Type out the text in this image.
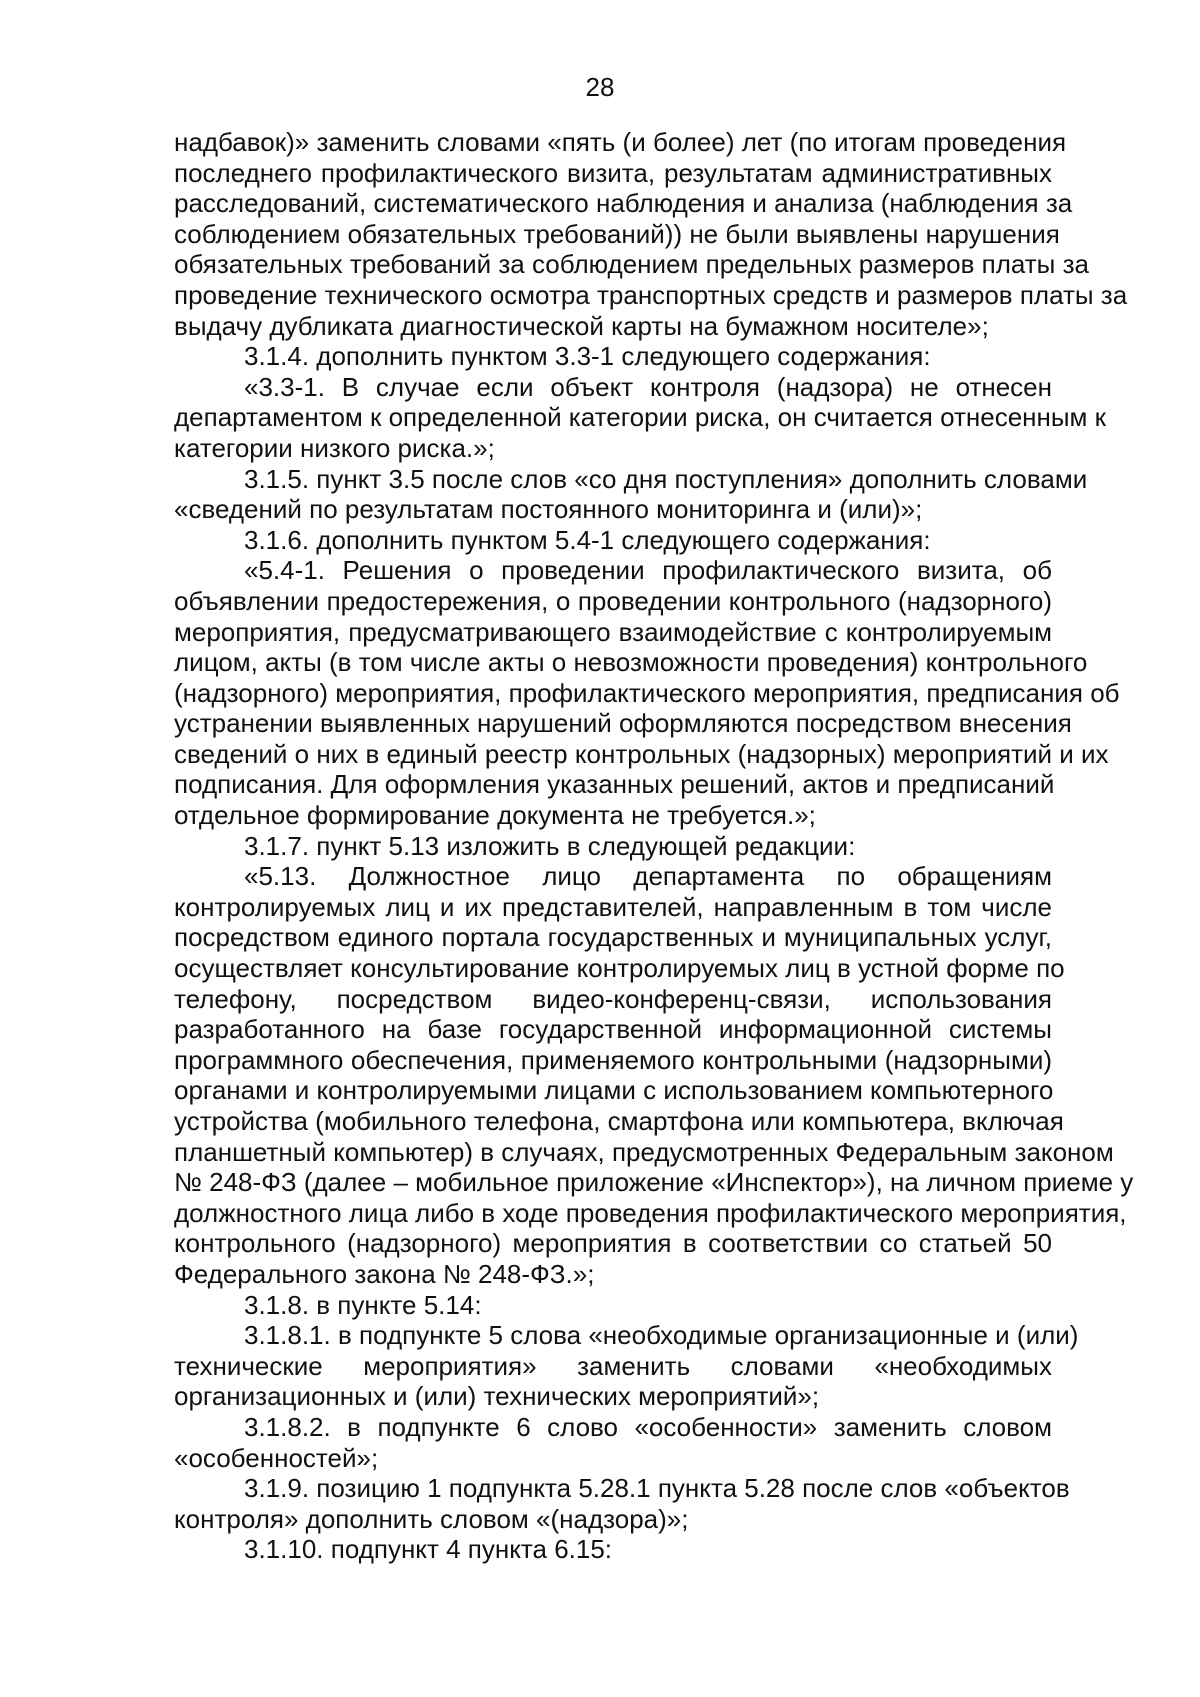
28
надбавок)» заменить словами «пять (и более) лет (по итогам проведения
последнего профилактического визита, результатам административных
расследований, систематического наблюдения и анализа (наблюдения за
соблюдением обязательных требований)) не были выявлены нарушения
обязательных требований за соблюдением предельных размеров платы за
проведение технического осмотра транспортных средств и размеров платы за
выдачу дубликата диагностической карты на бумажном носителе»;
3.1.4. дополнить пунктом 3.3-1 следующего содержания:
«3.3-1. В случае если объект контроля (надзора) не отнесен
департаментом к определенной категории риска, он считается отнесенным к
категории низкого риска.»;
3.1.5. пункт 3.5 после слов «со дня поступления» дополнить словами
«сведений по результатам постоянного мониторинга и (или)»;
3.1.6. дополнить пунктом 5.4-1 следующего содержания:
«5.4-1. Решения о проведении профилактического визита, об
объявлении предостережения, о проведении контрольного (надзорного)
мероприятия, предусматривающего взаимодействие с контролируемым
лицом, акты (в том числе акты о невозможности проведения) контрольного
(надзорного) мероприятия, профилактического мероприятия, предписания об
устранении выявленных нарушений оформляются посредством внесения
сведений о них в единый реестр контрольных (надзорных) мероприятий и их
подписания. Для оформления указанных решений, актов и предписаний
отдельное формирование документа не требуется.»;
3.1.7. пункт 5.13 изложить в следующей редакции:
«5.13. Должностное лицо департамента по обращениям
контролируемых лиц и их представителей, направленным в том числе
посредством единого портала государственных и муниципальных услуг,
осуществляет консультирование контролируемых лиц в устной форме по
телефону, посредством видео-конференц-связи, использования
разработанного на базе государственной информационной системы
программного обеспечения, применяемого контрольными (надзорными)
органами и контролируемыми лицами с использованием компьютерного
устройства (мобильного телефона, смартфона или компьютера, включая
планшетный компьютер) в случаях, предусмотренных Федеральным законом
№ 248-ФЗ (далее – мобильное приложение «Инспектор»), на личном приеме у
должностного лица либо в ходе проведения профилактического мероприятия,
контрольного (надзорного) мероприятия в соответствии со статьей 50
Федерального закона № 248-ФЗ.»;
3.1.8. в пункте 5.14:
3.1.8.1. в подпункте 5 слова «необходимые организационные и (или)
технические мероприятия» заменить словами «необходимых
организационных и (или) технических мероприятий»;
3.1.8.2. в подпункте 6 слово «особенности» заменить словом
«особенностей»;
3.1.9. позицию 1 подпункта 5.28.1 пункта 5.28 после слов «объектов
контроля» дополнить словом «(надзора)»;
3.1.10. подпункт 4 пункта 6.15:
